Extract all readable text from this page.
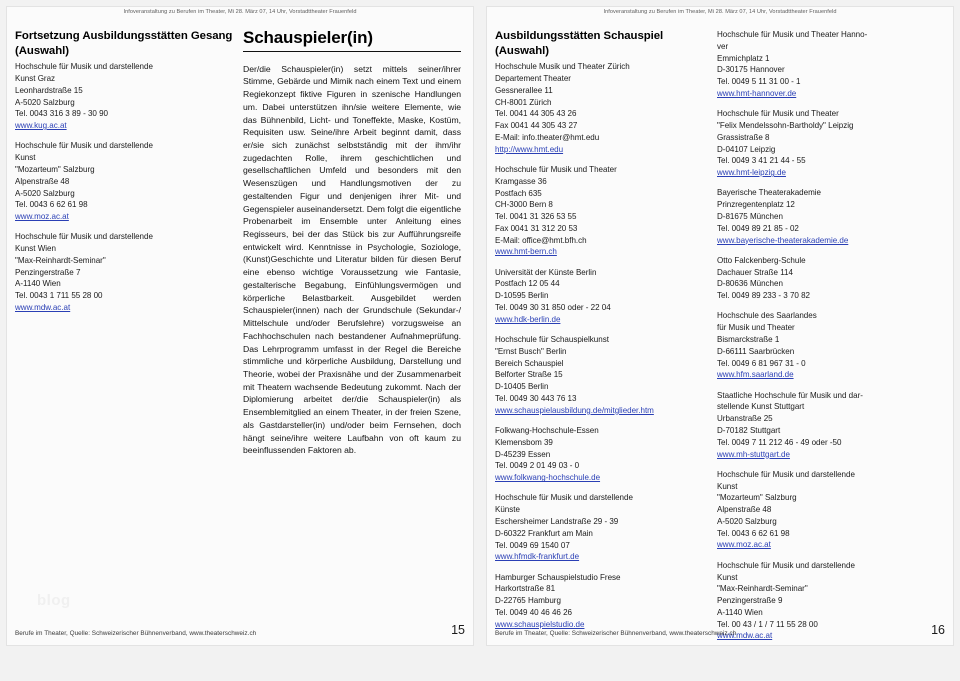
Infoveranstaltung zu Berufen im Theater, Mi 28. März 07, 14 Uhr, Vorstadttheater Frauenfeld
Fortsetzung Ausbildungsstätten Gesang (Auswahl)
Hochschule für Musik und darstellende
Kunst Graz
Leonhardstraße 15
A-5020 Salzburg
Tel. 0043 316 3 89 - 30 90
www.kug.ac.at
Hochschule für Musik und darstellende
Kunst
"Mozarteum" Salzburg
Alpenstraße 48
A-5020 Salzburg
Tel. 0043 6 62 61 98
www.moz.ac.at
Hochschule für Musik und darstellende
Kunst Wien
"Max-Reinhardt-Seminar"
Penzingerstraße 7
A-1140 Wien
Tel. 0043 1 711 55 28 00
www.mdw.ac.at
Schauspieler(in)

Der/die Schauspieler(in) setzt mittels seiner/ihrer Stimme, Gebärde und Mimik nach einem Text und einem Regiekonzept fiktive Figuren in szenische Handlungen um. Dabei unterstützen ihn/sie weitere Elemente, wie das Bühnenbild, Licht- und Toneffekte, Maske, Kostüm, Requisiten usw. Seine/ihre Arbeit beginnt damit, dass er/sie sich zunächst selbstständig mit der ihm/ihr zugedachten Rolle, ihrem geschichtlichen und gesellschaftlichen Umfeld und besonders mit den Wesenszügen und Handlungsmotiven der zu gestaltenden Figur und denjenigen ihrer Mit- und Gegenspieler auseinandersetzt. Dem folgt die eigentliche Probenarbeit im Ensemble unter Anleitung eines Regisseurs, bei der das Stück bis zur Aufführungsreife entwickelt wird. Kenntnisse in Psychologie, Soziologe, (Kunst)Geschichte und Literatur bilden für diesen Beruf eine ebenso wichtige Voraussetzung wie Fantasie, gestalterische Begabung, Einfühlungsvermögen und körperliche Belastbarkeit. Ausgebildet werden Schauspieler(innen) nach der Grundschule (Sekundar-/ Mittelschule und/oder Berufslehre) vorzugsweise an Fachhochschulen nach bestandener Aufnahmeprüfung. Das Lehrprogramm umfasst in der Regel die Bereiche stimmliche und körperliche Ausbildung, Darstellung und Theorie, wobei der Praxisnähe und der Zusammenarbeit mit Theatern wachsende Bedeutung zukommt. Nach der Diplomierung arbeitet der/die Schauspieler(in) als Ensemblemitglied an einem Theater, in der freien Szene, als Gastdarsteller(in) und/oder beim Fernsehen, doch hängt seine/ihre weitere Laufbahn von oft kaum zu beeinflussenden Faktoren ab.

blog
Berufe im Theater, Quelle: Schweizerischer Bühnenverband, www.theaterschweiz.ch	15
Infoveranstaltung zu Berufen im Theater, Mi 28. März 07, 14 Uhr, Vorstadttheater Frauenfeld
Ausbildungsstätten Schauspiel (Auswahl)
Hochschule Musik und Theater Zürich
Departement Theater
Gessnerallee 11
CH-8001 Zürich
Tel. 0041 44 305 43 26
Fax 0041 44 305 43 27
E-Mail: info.theater@hmt.edu
http://www.hmt.edu
Hochschule für Musik und Theater
Kramgasse 36
Postfach 635
CH-3000 Bern 8
Tel. 0041 31 326 53 55
Fax 0041 31 312 20 53
E-Mail: office@hmt.bfh.ch
www.hmt-bern.ch
Universität der Künste Berlin
Postfach 12 05 44
D-10595 Berlin
Tel. 0049 30 31 850 oder - 22 04
www.hdk-berlin.de
Hochschule für Schauspielkunst
"Ernst Busch" Berlin
Bereich Schauspiel
Belforter Straße 15
D-10405 Berlin
Tel. 0049 30 443 76 13
www.schauspielausbildung.de/mitglieder.htm
Folkwang-Hochschule-Essen
Klemensbom 39
D-45239 Essen
Tel. 0049 2 01 49 03 - 0
www.folkwang-hochschule.de
Hochschule für Musik und darstellende
Künste
Eschersheimer Landstraße 29 - 39
D-60322 Frankfurt am Main
Tel. 0049 69 1540 07
www.hfmdk-frankfurt.de
Hamburger Schauspielstudio Frese
Harkortstraße 81
D-22765 Hamburg
Tel. 0049 40 46 46 26
www.schauspielstudio.de
Hochschule für Musik und Theater Hanno-
ver
Emmichplatz 1
D-30175 Hannover
Tel. 0049 5 11 31 00 - 1
www.hmt-hannover.de
Hochschule für Musik und Theater
"Felix Mendelssohn-Bartholdy" Leipzig
Grassistraße 8
D-04107 Leipzig
Tel. 0049 3 41 21 44 - 55
www.hmt-leipzig.de
Bayerische Theaterakademie
Prinzregentenplatz 12
D-81675 München
Tel. 0049 89 21 85 - 02
www.bayerische-theaterakademie.de
Otto Falckenberg-Schule
Dachauer Straße 114
D-80636 München
Tel. 0049 89 233 - 3 70 82
Hochschule des Saarlandes
für Musik und Theater
Bismarckstraße 1
D-66111 Saarbrücken
Tel. 0049 6 81 967 31 - 0
www.hfm.saarland.de
Staatliche Hochschule für Musik und dar-
stellende Kunst Stuttgart
Urbanstraße 25
D-70182 Stuttgart
Tel. 0049 7 11 212 46 - 49 oder -50
www.mh-stuttgart.de
Hochschule für Musik und darstellende
Kunst
"Mozarteum" Salzburg
Alpenstraße 48
A-5020 Salzburg
Tel. 0043 6 62 61 98
www.moz.ac.at
Hochschule für Musik und darstellende
Kunst
"Max-Reinhardt-Seminar"
Penzingerstraße 9
A-1140 Wien
Tel. 00 43 / 1 / 7 11 55 28 00
www.mdw.ac.at
Berufe im Theater, Quelle: Schweizerischer Bühnenverband, www.theaterschweiz.ch	16
